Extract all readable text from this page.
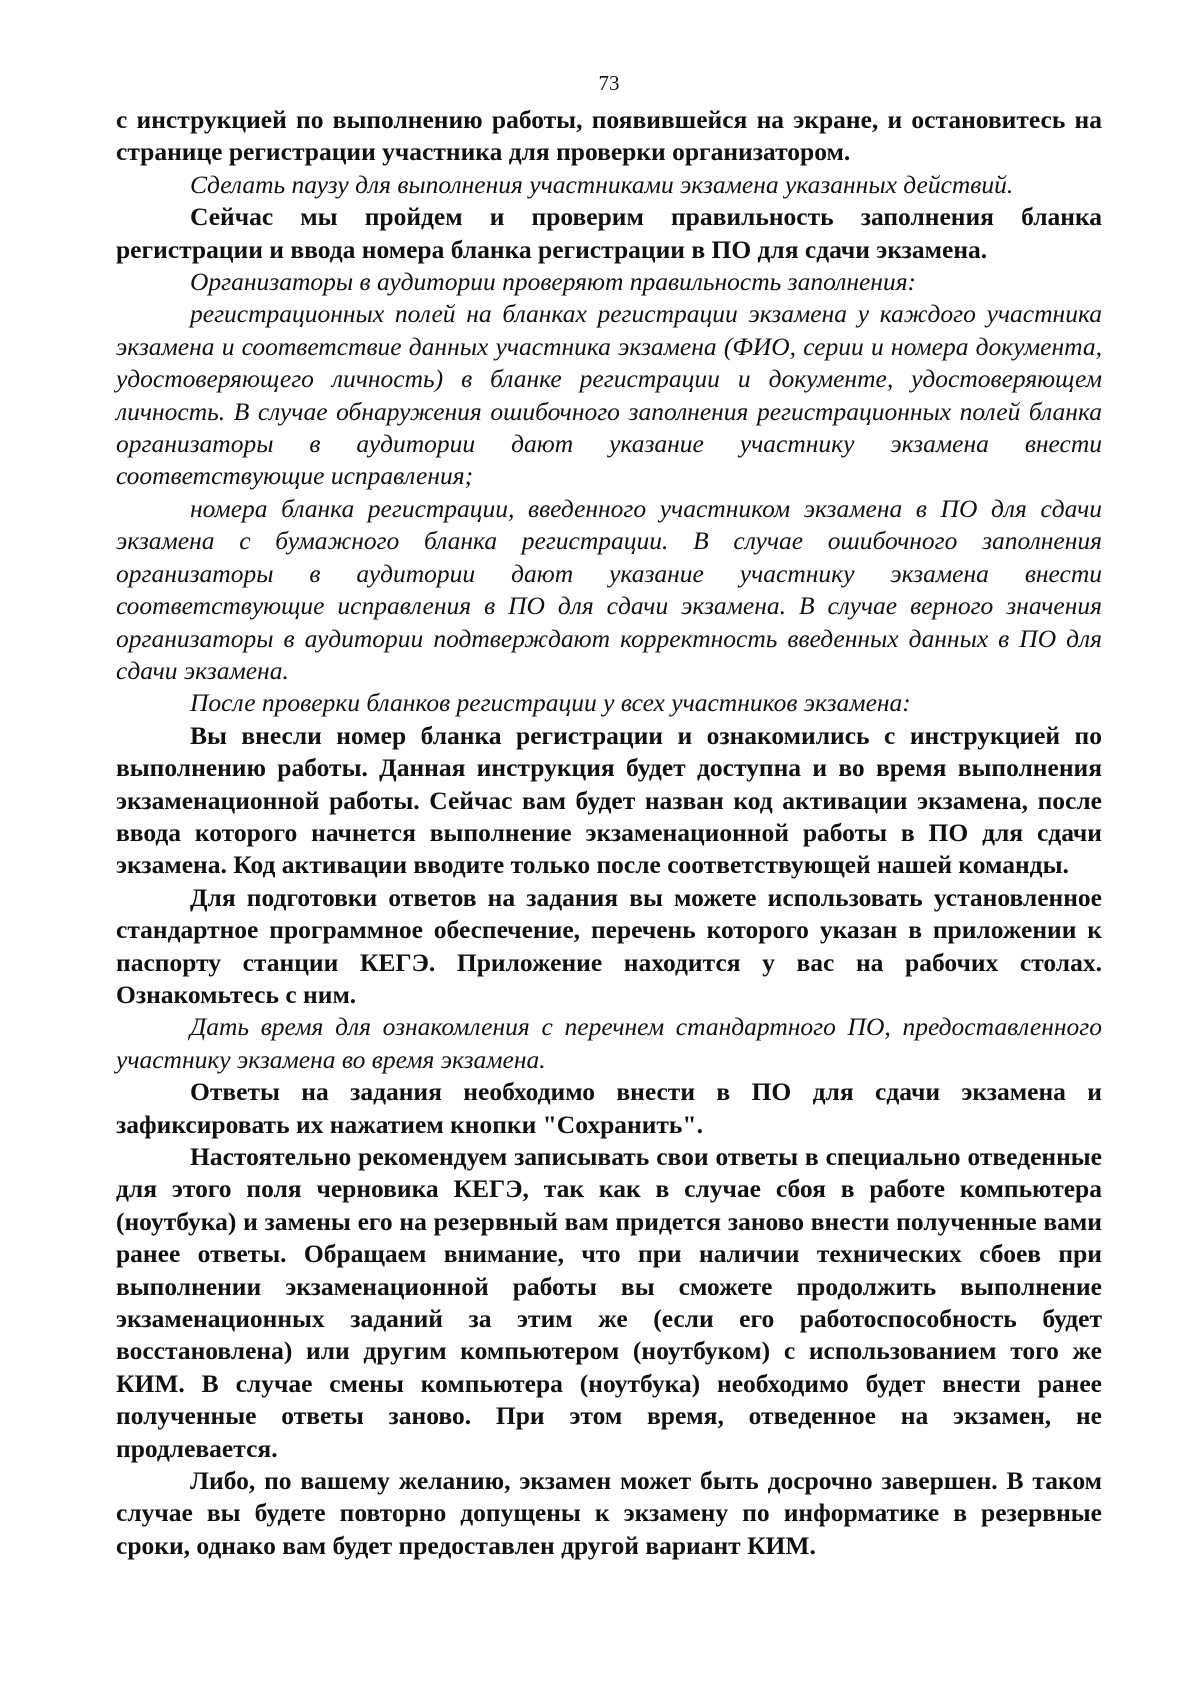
73

с инструкцией по выполнению работы, появившейся на экране, и остановитесь на странице регистрации участника для проверки организатором.

Сделать паузу для выполнения участниками экзамена указанных действий.

Сейчас мы пройдем и проверим правильность заполнения бланка регистрации и ввода номера бланка регистрации в ПО для сдачи экзамена.

Организаторы в аудитории проверяют правильность заполнения:

регистрационных полей на бланках регистрации экзамена у каждого участника экзамена и соответствие данных участника экзамена (ФИО, серии и номера документа, удостоверяющего личность) в бланке регистрации и документе, удостоверяющем личность. В случае обнаружения ошибочного заполнения регистрационных полей бланка организаторы в аудитории дают указание участнику экзамена внести соответствующие исправления;

номера бланка регистрации, введенного участником экзамена в ПО для сдачи экзамена с бумажного бланка регистрации. В случае ошибочного заполнения организаторы в аудитории дают указание участнику экзамена внести соответствующие исправления в ПО для сдачи экзамена. В случае верного значения организаторы в аудитории подтверждают корректность введенных данных в ПО для сдачи экзамена.

После проверки бланков регистрации у всех участников экзамена:

Вы внесли номер бланка регистрации и ознакомились с инструкцией по выполнению работы. Данная инструкция будет доступна и во время выполнения экзаменационной работы. Сейчас вам будет назван код активации экзамена, после ввода которого начнется выполнение экзаменационной работы в ПО для сдачи экзамена. Код активации вводите только после соответствующей нашей команды.

Для подготовки ответов на задания вы можете использовать установленное стандартное программное обеспечение, перечень которого указан в приложении к паспорту станции КЕГЭ. Приложение находится у вас на рабочих столах. Ознакомьтесь с ним.

Дать время для ознакомления с перечнем стандартного ПО, предоставленного участнику экзамена во время экзамена.

Ответы на задания необходимо внести в ПО для сдачи экзамена и зафиксировать их нажатием кнопки "Сохранить".

Настоятельно рекомендуем записывать свои ответы в специально отведенные для этого поля черновика КЕГЭ, так как в случае сбоя в работе компьютера (ноутбука) и замены его на резервный вам придется заново внести полученные вами ранее ответы. Обращаем внимание, что при наличии технических сбоев при выполнении экзаменационной работы вы сможете продолжить выполнение экзаменационных заданий за этим же (если его работоспособность будет восстановлена) или другим компьютером (ноутбуком) с использованием того же КИМ. В случае смены компьютера (ноутбука) необходимо будет внести ранее полученные ответы заново. При этом время, отведенное на экзамен, не продлевается.

Либо, по вашему желанию, экзамен может быть досрочно завершен. В таком случае вы будете повторно допущены к экзамену по информатике в резервные сроки, однако вам будет предоставлен другой вариант КИМ.
